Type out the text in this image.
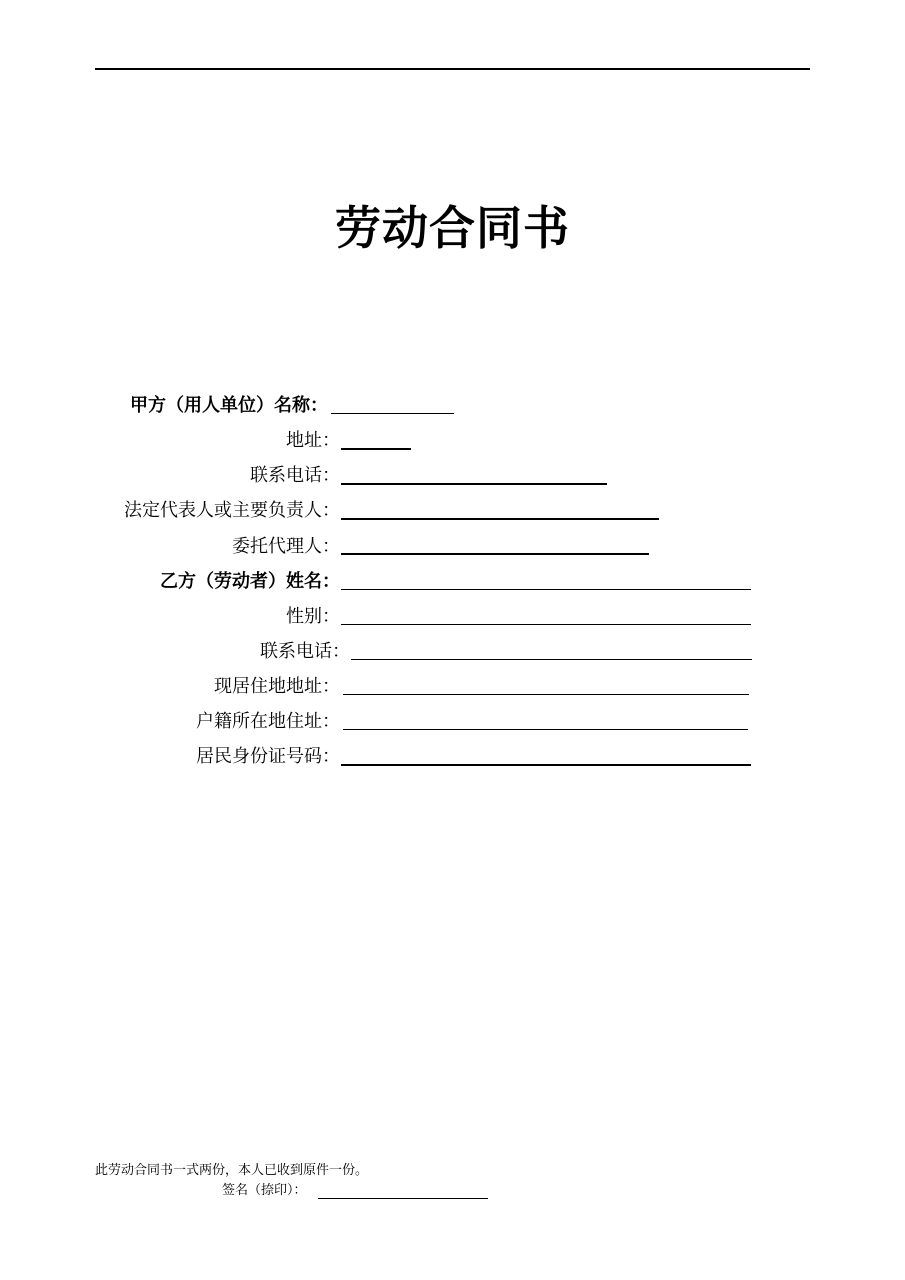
劳动合同书
甲方（用人单位）名称：
地址：
联系电话：
法定代表人或主要负责人：
委托代理人：
乙方（劳动者）姓名：
性别：
联系电话：
现居住地地址：
户籍所在地住址：
居民身份证号码：
此劳动合同书一式两份，本人已收到原件一份。
签名（捺印）：
